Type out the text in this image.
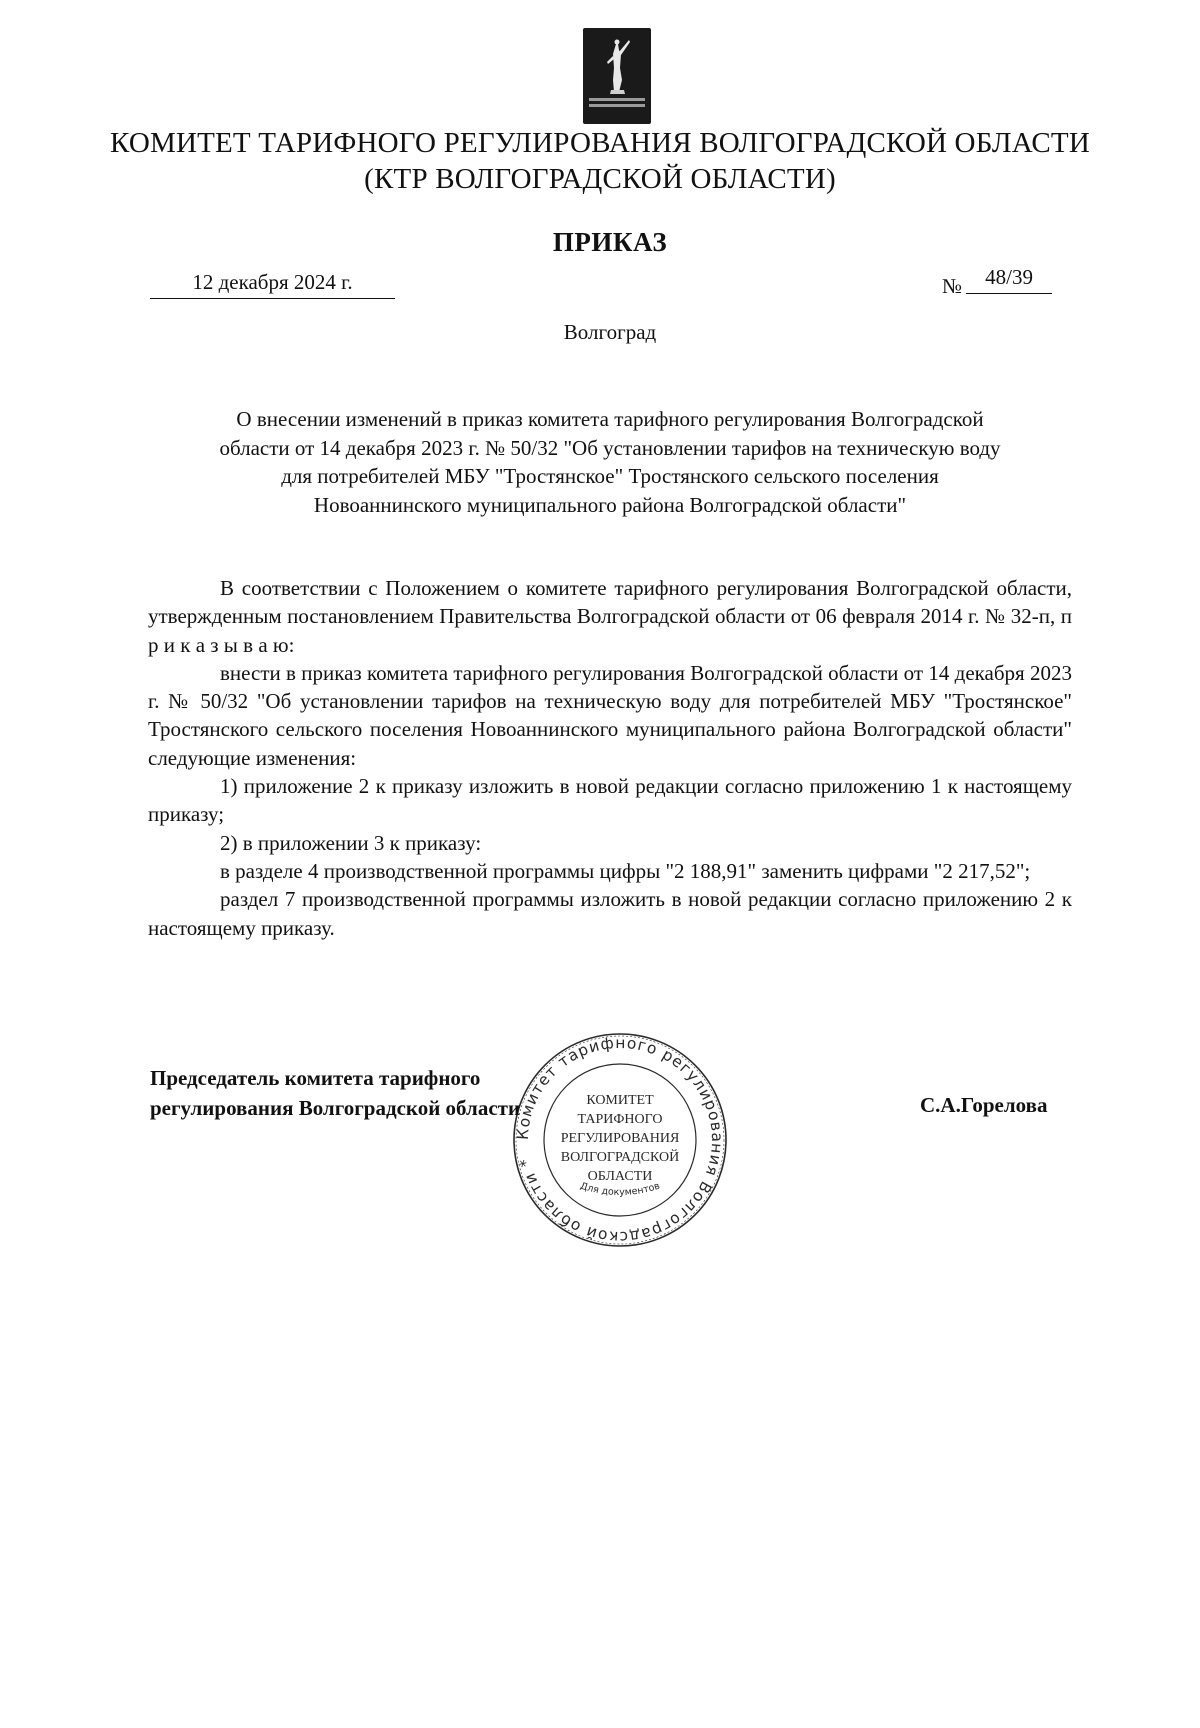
КОМИТЕТ ТАРИФНОГО РЕГУЛИРОВАНИЯ ВОЛГОГРАДСКОЙ ОБЛАСТИ
(КТР ВОЛГОГРАДСКОЙ ОБЛАСТИ)
ПРИКАЗ
12 декабря 2024 г.	№ 48/39
Волгоград
О внесении изменений в приказ комитета тарифного регулирования Волгоградской
области от 14 декабря 2023 г. № 50/32 "Об установлении тарифов на техническую воду
для потребителей МБУ "Тростянское" Тростянского сельского поселения
Новоаннинского муниципального района Волгоградской области"

В соответствии с Положением о комитете тарифного регулирования Волгоградской области, утвержденным постановлением Правительства Волгоградской области от 06 февраля 2014 г. № 32-п, п р и к а з ы в а ю:

внести в приказ комитета тарифного регулирования Волгоградской области от 14 декабря 2023 г. № 50/32 "Об установлении тарифов на техническую воду для потребителей МБУ "Тростянское" Тростянского сельского поселения Новоаннинского муниципального района Волгоградской области" следующие изменения:

1) приложение 2 к приказу изложить в новой редакции согласно приложению 1 к настоящему приказу;

2) в приложении 3 к приказу:

в разделе 4 производственной программы цифры "2 188,91" заменить цифрами "2 217,52";

раздел 7 производственной программы изложить в новой редакции согласно приложению 2 к настоящему приказу.

Комитет тарифного регулирования Волгоградской области *
КОМИТЕТ
ТАРИФНОГО
РЕГУЛИРОВАНИЯ
ВОЛГОГРАДСКОЙ
ОБЛАСТИ
Для документов
Председатель комитета тарифного
регулирования Волгоградской области	С.А.Горелова
